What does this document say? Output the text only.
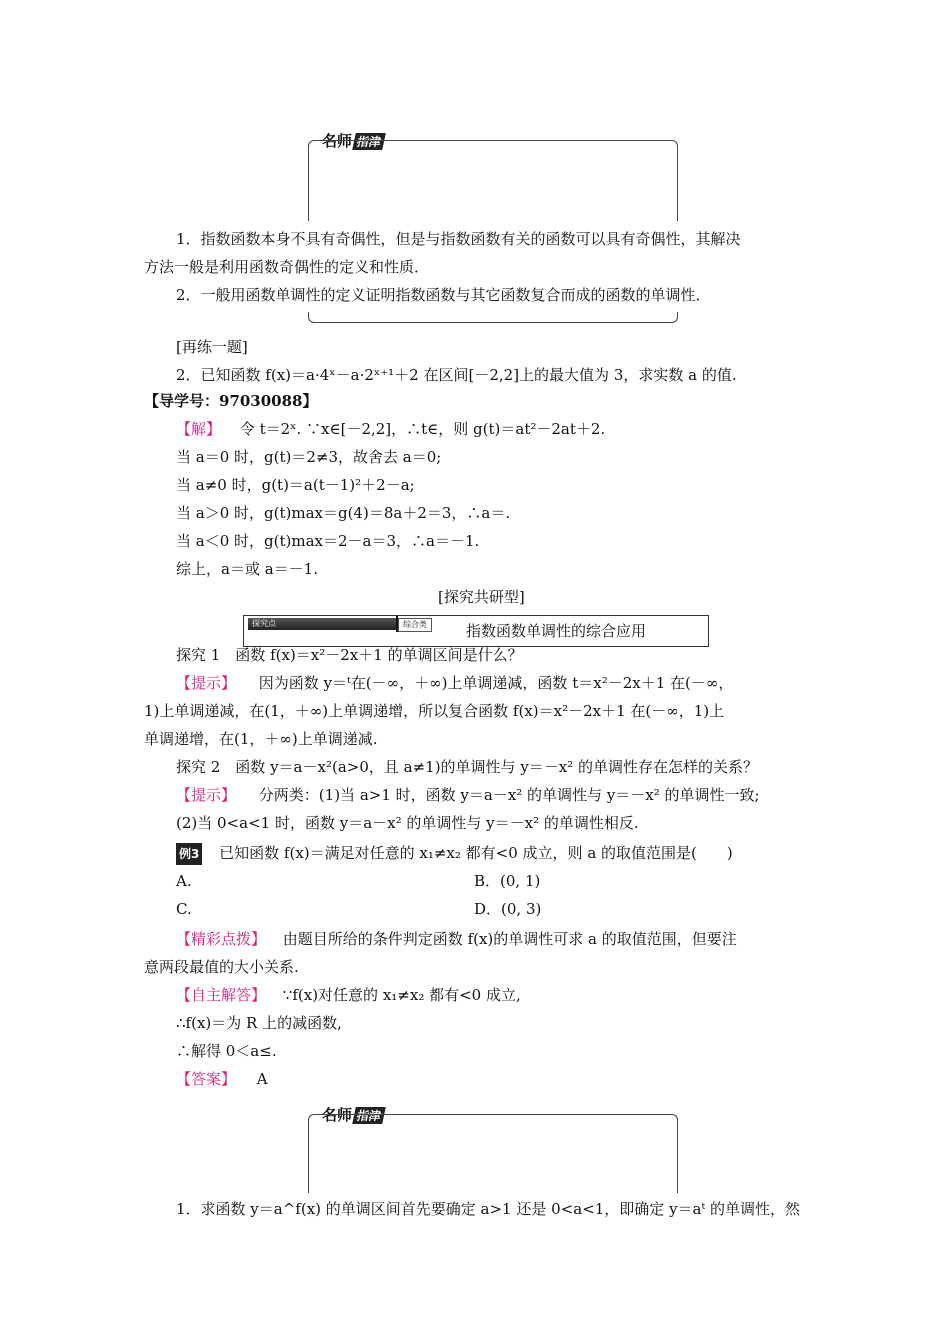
名师 指津
1．指数函数本身不具有奇偶性，但是与指数函数有关的函数可以具有奇偶性，其解决
方法一般是利用函数奇偶性的定义和性质．
2．一般用函数单调性的定义证明指数函数与其它函数复合而成的函数的单调性．
[再练一题]
2．已知函数 f(x)＝a·4ˣ－a·2ˣ⁺¹＋2 在区间[－2,2]上的最大值为 3，求实数 a 的值.
【导学号：97030088】
【解】 令 t＝2ˣ. ∵x∈[－2,2]，∴t∈，则 g(t)＝at²－2at＋2.
当 a＝0 时，g(t)＝2≠3，故舍去 a＝0;
当 a≠0 时，g(t)＝a(t－1)²＋2－a;
当 a＞0 时，g(t)max＝g(4)＝8a＋2＝3，∴a＝.
当 a＜0 时，g(t)max＝2－a＝3，∴a＝－1.
综上，a＝或 a＝－1.
[探究共研型]
探究点	综合类	指数函数单调性的综合应用
探究 1　函数 f(x)＝x²－2x＋1 的单调区间是什么？
【提示】 因为函数 y＝ᵗ在(－∞，＋∞)上单调递减，函数 t＝x²－2x＋1 在(－∞，
1)上单调递减，在(1，＋∞)上单调递增，所以复合函数 f(x)＝x²－2x＋1 在(－∞，1)上
单调递增，在(1，＋∞)上单调递减.
探究 2　函数 y＝a－x²(a>0，且 a≠1)的单调性与 y＝－x² 的单调性存在怎样的关系？
【提示】 分两类：(1)当 a>1 时，函数 y＝a－x² 的单调性与 y＝－x² 的单调性一致;
(2)当 0<a<1 时，函数 y＝a－x² 的单调性与 y＝－x² 的单调性相反.
例3 已知函数 f(x)＝满足对任意的 x₁≠x₂ 都有<0 成立，则 a 的取值范围是(　　)
A.	B．(0, 1)
C.	D．(0, 3)
【精彩点拨】 由题目所给的条件判定函数 f(x)的单调性可求 a 的取值范围，但要注
意两段最值的大小关系.
【自主解答】 ∵f(x)对任意的 x₁≠x₂ 都有<0 成立,
∴f(x)＝为 R 上的减函数,
∴解得 0＜a≤.
【答案】 A
名师 指津
1．求函数 y＝a^f(x) 的单调区间首先要确定 a>1 还是 0<a<1，即确定 y＝aᵗ 的单调性，然
